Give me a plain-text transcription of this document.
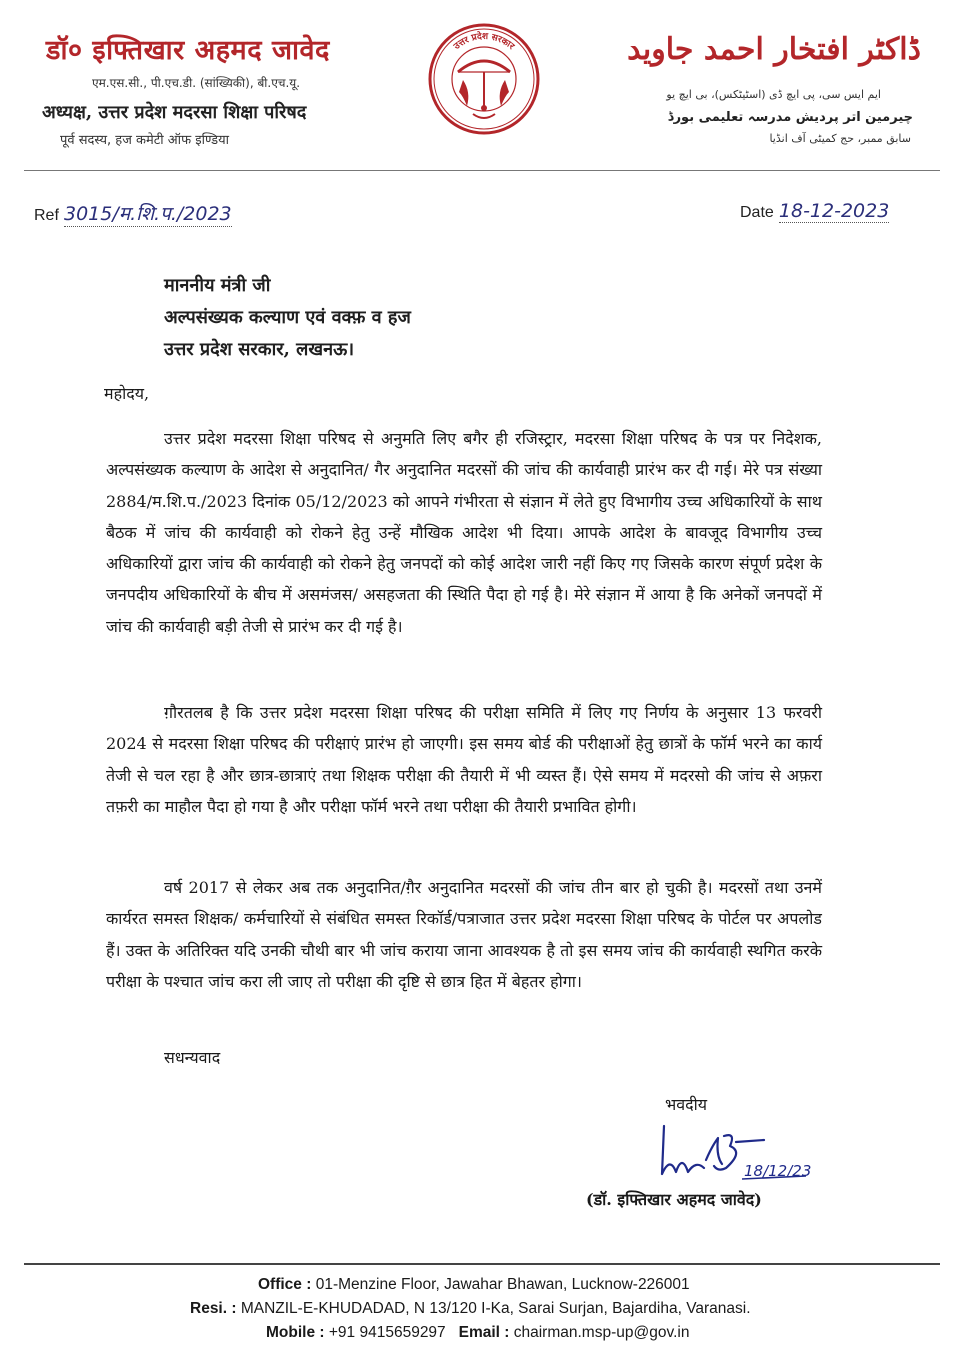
डॉ० इफ्तिखार अहमद जावेद
एम.एस.सी., पी.एच.डी. (सांख्यिकी), बी.एच.यू.
अध्यक्ष, उत्तर प्रदेश मदरसा शिक्षा परिषद
पूर्व सदस्य, हज कमेटी ऑफ इण्डिया
उत्तर प्रदेश सरकार	ڈاکٹر افتخار احمد جاوید
ایم ایس سی، پی ایچ ڈی (اسٹیٹکس)، بی ایچ یو
چیرمین اتر پردیش مدرسہ تعلیمی بورڈ
سابق ممبر، حج کمیٹی آف انڈیا
Ref 3015/म.शि.प./2023	Date 18-12-2023
माननीय मंत्री जी
अल्पसंख्यक कल्याण एवं वक्फ़ व हज
उत्तर प्रदेश सरकार, लखनऊ।
महोदय,
उत्तर प्रदेश मदरसा शिक्षा परिषद से अनुमति लिए बगैर ही रजिस्ट्रार, मदरसा शिक्षा परिषद के पत्र पर निदेशक, अल्पसंख्यक कल्याण के आदेश से अनुदानित/ गैर अनुदानित मदरसों की जांच की कार्यवाही प्रारंभ कर दी गई। मेरे पत्र संख्या 2884/म.शि.प./2023 दिनांक 05/12/2023 को आपने गंभीरता से संज्ञान में लेते हुए विभागीय उच्च अधिकारियों के साथ बैठक में जांच की कार्यवाही को रोकने हेतु उन्हें मौखिक आदेश भी दिया। आपके आदेश के बावजूद विभागीय उच्च अधिकारियों द्वारा जांच की कार्यवाही को रोकने हेतु जनपदों को कोई आदेश जारी नहीं किए गए जिसके कारण संपूर्ण प्रदेश के जनपदीय अधिकारियों के बीच में असमंजस/ असहजता की स्थिति पैदा हो गई है। मेरे संज्ञान में आया है कि अनेकों जनपदों में जांच की कार्यवाही बड़ी तेजी से प्रारंभ कर दी गई है।
ग़ौरतलब है कि उत्तर प्रदेश मदरसा शिक्षा परिषद की परीक्षा समिति में लिए गए निर्णय के अनुसार 13 फरवरी 2024 से मदरसा शिक्षा परिषद की परीक्षाएं प्रारंभ हो जाएगी। इस समय बोर्ड की परीक्षाओं हेतु छात्रों के फॉर्म भरने का कार्य तेजी से चल रहा है और छात्र-छात्राएं तथा शिक्षक परीक्षा की तैयारी में भी व्यस्त हैं। ऐसे समय में मदरसो की जांच से अफ़रा तफ़री का माहौल पैदा हो गया है और परीक्षा फॉर्म भरने तथा परीक्षा की तैयारी प्रभावित होगी।
वर्ष 2017 से लेकर अब तक अनुदानित/ग़ैर अनुदानित मदरसों की जांच तीन बार हो चुकी है। मदरसों तथा उनमें कार्यरत समस्त शिक्षक/ कर्मचारियों से संबंधित समस्त रिकॉर्ड/पत्राजात उत्तर प्रदेश मदरसा शिक्षा परिषद के पोर्टल पर अपलोड हैं। उक्त के अतिरिक्त यदि उनकी चौथी बार भी जांच कराया जाना आवश्यक है तो इस समय जांच की कार्यवाही स्थगित करके परीक्षा के पश्चात जांच करा ली जाए तो परीक्षा की दृष्टि से छात्र हित में बेहतर होगा।
सधन्यवाद
भवदीय
18/12/23
(डॉ. इफ्तिखार अहमद जावेद)
Office : 01-Menzine Floor, Jawahar Bhawan, Lucknow-226001
Resi. : MANZIL-E-KHUDADAD, N 13/120 I-Ka, Sarai Surjan, Bajardiha, Varanasi.
Mobile : +91 9415659297 Email : chairman.msp-up@gov.in
